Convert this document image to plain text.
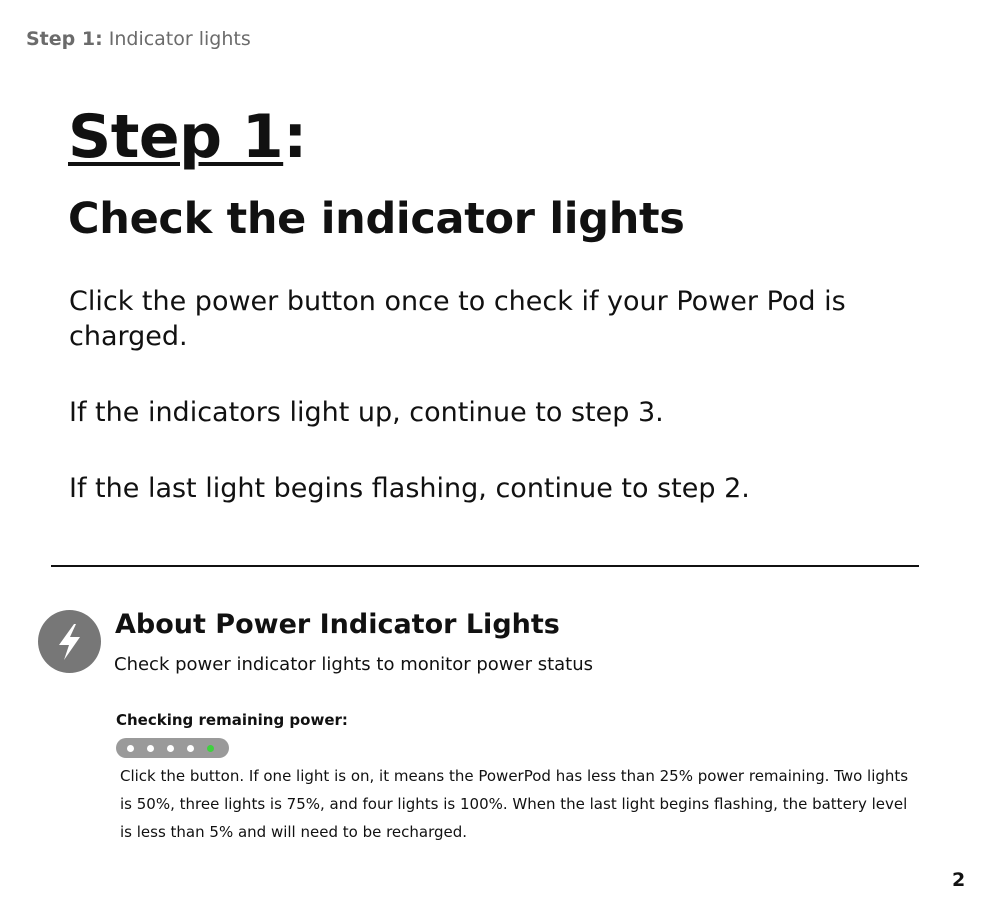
Step 1: Indicator lights
Step 1:
Check the indicator lights
Click the power button once to check if your Power Pod is charged.
If the indicators light up, continue to step 3.
If the last light begins flashing, continue to step 2.
About Power Indicator Lights
Check power indicator lights to monitor power status
Checking remaining power:
Click the button. If one light is on, it means the PowerPod has less than 25% power remaining. Two lights is 50%, three lights is 75%, and four lights is 100%. When the last light begins flashing, the battery level is less than 5% and will need to be recharged.
2
